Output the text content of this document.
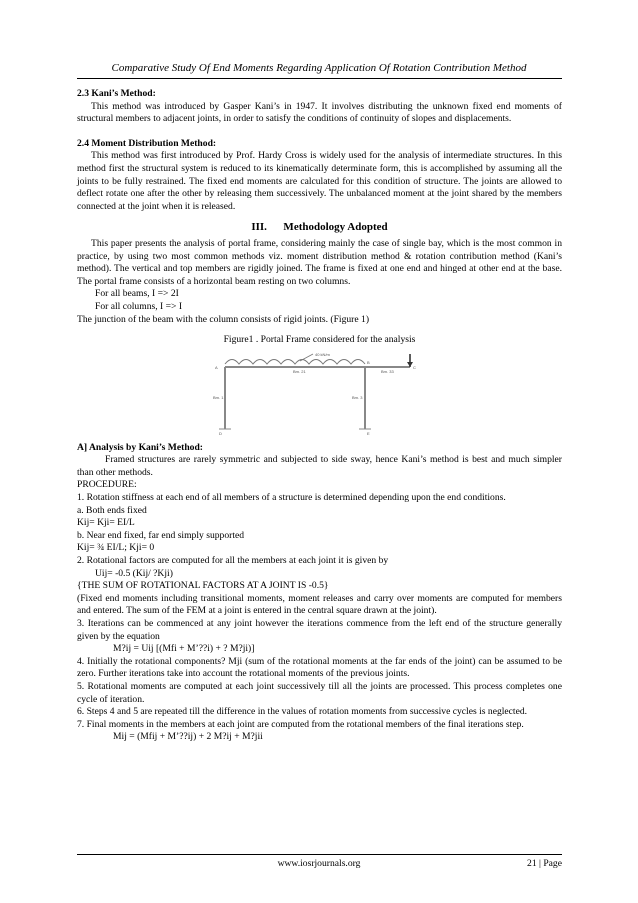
Comparative Study Of End Moments Regarding Application Of Rotation Contribution Method

2.3 Kani’s Method:

This method was introduced by Gasper Kani’s in 1947. It involves distributing the unknown fixed end moments of structural members to adjacent joints, in order to satisfy the conditions of continuity of slopes and displacements.

2.4 Moment Distribution Method:

This method was first introduced by Prof. Hardy Cross is widely used for the analysis of intermediate structures. In this method first the structural system is reduced to its kinematically determinate form, this is accomplished by assuming all the joints to be fully restrained. The fixed end moments are calculated for this condition of structure. The joints are allowed to deflect rotate one after the other by releasing them successively. The unbalanced moment at the joint shared by the members connected at the joint when it is released.

III.      Methodology Adopted

This paper presents the analysis of portal frame, considering mainly the case of single bay, which is the most common in practice, by using two most common methods viz. moment distribution method & rotation contribution method (Kani’s method). The vertical and top members are rigidly joined. The frame is fixed at one end and hinged at other end at the base. The portal frame consists of a horizontal beam resting on two columns.

For all beams, I => 2I

For all columns, I => I

The junction of the beam with the column consists of rigid joints. (Figure 1)

Figure1 . Portal Frame considered for the analysis
40 kN/m
A
B
C
D	E
Bm. 21	Bm. 33
Bm. 1	Bm. 3

A] Analysis by Kani’s Method:

Framed structures are rarely symmetric and subjected to side sway, hence Kani’s method is best and much simpler than other methods.

PROCEDURE:

1. Rotation stiffness at each end of all members of a structure is determined depending upon the end conditions.

a. Both ends fixed

Kij= Kji= EI/L

b. Near end fixed, far end simply supported

Kij= ¾ EI/L; Kji= 0

2. Rotational factors are computed for all the members at each joint it is given by

Uij= -0.5 (Kij/ ?Kji)

{THE SUM OF ROTATIONAL FACTORS AT A JOINT IS -0.5}

(Fixed end moments including transitional moments, moment releases and carry over moments are computed for members and entered. The sum of the FEM at a joint is entered in the central square drawn at the joint).

3. Iterations can be commenced at any joint however the iterations commence from the left end of the structure generally given by the equation

M?ij = Uij [(Mfi + M’??i) + ? M?ji)]

4. Initially the rotational components? Mji (sum of the rotational moments at the far ends of the joint) can be assumed to be zero. Further iterations take into account the rotational moments of the previous joints.

5. Rotational moments are computed at each joint successively till all the joints are processed. This process completes one cycle of iteration.

6. Steps 4 and 5 are repeated till the difference in the values of rotation moments from successive cycles is neglected.

7. Final moments in the members at each joint are computed from the rotational members of the final iterations step.

Mij = (Mfij + M’??ij) + 2 M?ij + M?jii

www.iosrjournals.org	21 | Page
